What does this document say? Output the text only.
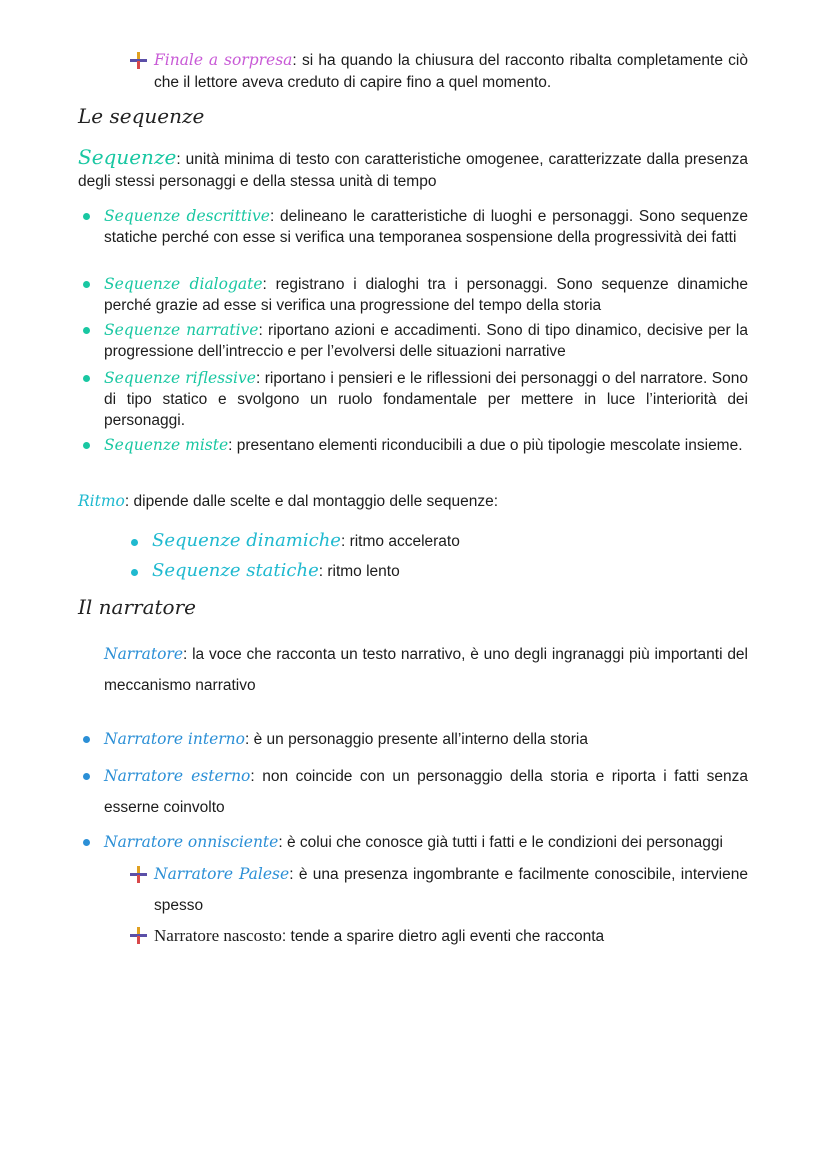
Finale a sorpresa: si ha quando la chiusura del racconto ribalta completamente ciò che il lettore aveva creduto di capire fino a quel momento.
Le sequenze
Sequenze: unità minima di testo con caratteristiche omogenee, caratterizzate dalla presenza degli stessi personaggi e della stessa unità di tempo
Sequenze descrittive: delineano le caratteristiche di luoghi e personaggi. Sono sequenze statiche perché con esse si verifica una temporanea sospensione della progressività dei fatti
Sequenze dialogate: registrano i dialoghi tra i personaggi. Sono sequenze dinamiche perché grazie ad esse si verifica una progressione del tempo della storia
Sequenze narrative: riportano azioni e accadimenti. Sono di tipo dinamico, decisive per la progressione dell’intreccio e per l’evolversi delle situazioni narrative
Sequenze riflessive: riportano i pensieri e le riflessioni dei personaggi o del narratore. Sono di tipo statico e svolgono un ruolo fondamentale per mettere in luce l’interiorità dei personaggi.
Sequenze miste: presentano elementi riconducibili a due o più tipologie mescolate insieme.
Ritmo: dipende dalle scelte e dal montaggio delle sequenze:
Sequenze dinamiche: ritmo accelerato
Sequenze statiche: ritmo lento
Il narratore
Narratore: la voce che racconta un testo narrativo, è uno degli ingranaggi più importanti del meccanismo narrativo
Narratore interno: è un personaggio presente all’interno della storia
Narratore esterno: non coincide con un personaggio della storia e riporta i fatti senza esserne coinvolto
Narratore onnisciente: è colui che conosce già tutti i fatti e le condizioni dei personaggi
Narratore Palese: è una presenza ingombrante e facilmente conoscibile, interviene spesso
Narratore nascosto: tende a sparire dietro agli eventi che racconta
